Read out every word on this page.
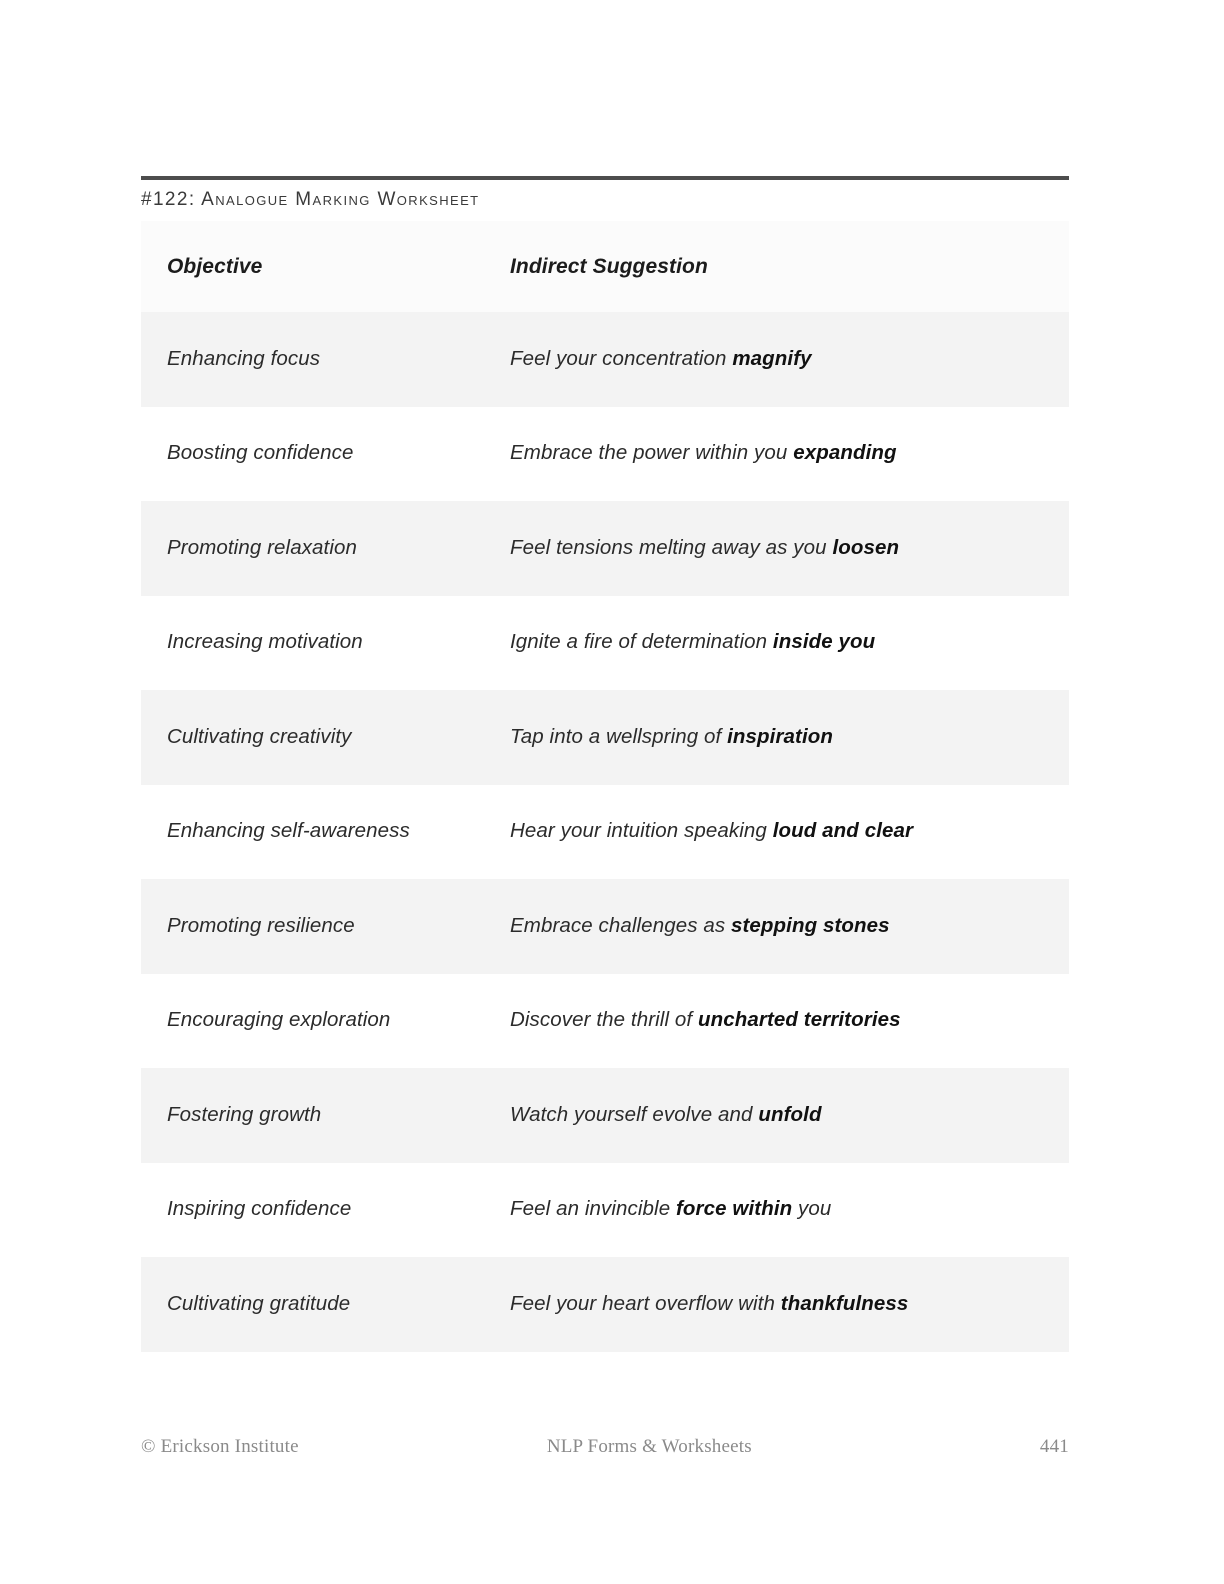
#122: Analogue Marking Worksheet
Objective	Indirect Suggestion
Enhancing focus	Feel your concentration magnify
Boosting confidence	Embrace the power within you expanding
Promoting relaxation	Feel tensions melting away as you loosen
Increasing motivation	Ignite a fire of determination inside you
Cultivating creativity	Tap into a wellspring of inspiration
Enhancing self-awareness	Hear your intuition speaking loud and clear
Promoting resilience	Embrace challenges as stepping stones
Encouraging exploration	Discover the thrill of uncharted territories
Fostering growth	Watch yourself evolve and unfold
Inspiring confidence	Feel an invincible force within you
Cultivating gratitude	Feel your heart overflow with thankfulness
© Erickson Institute	NLP Forms & Worksheets	441
